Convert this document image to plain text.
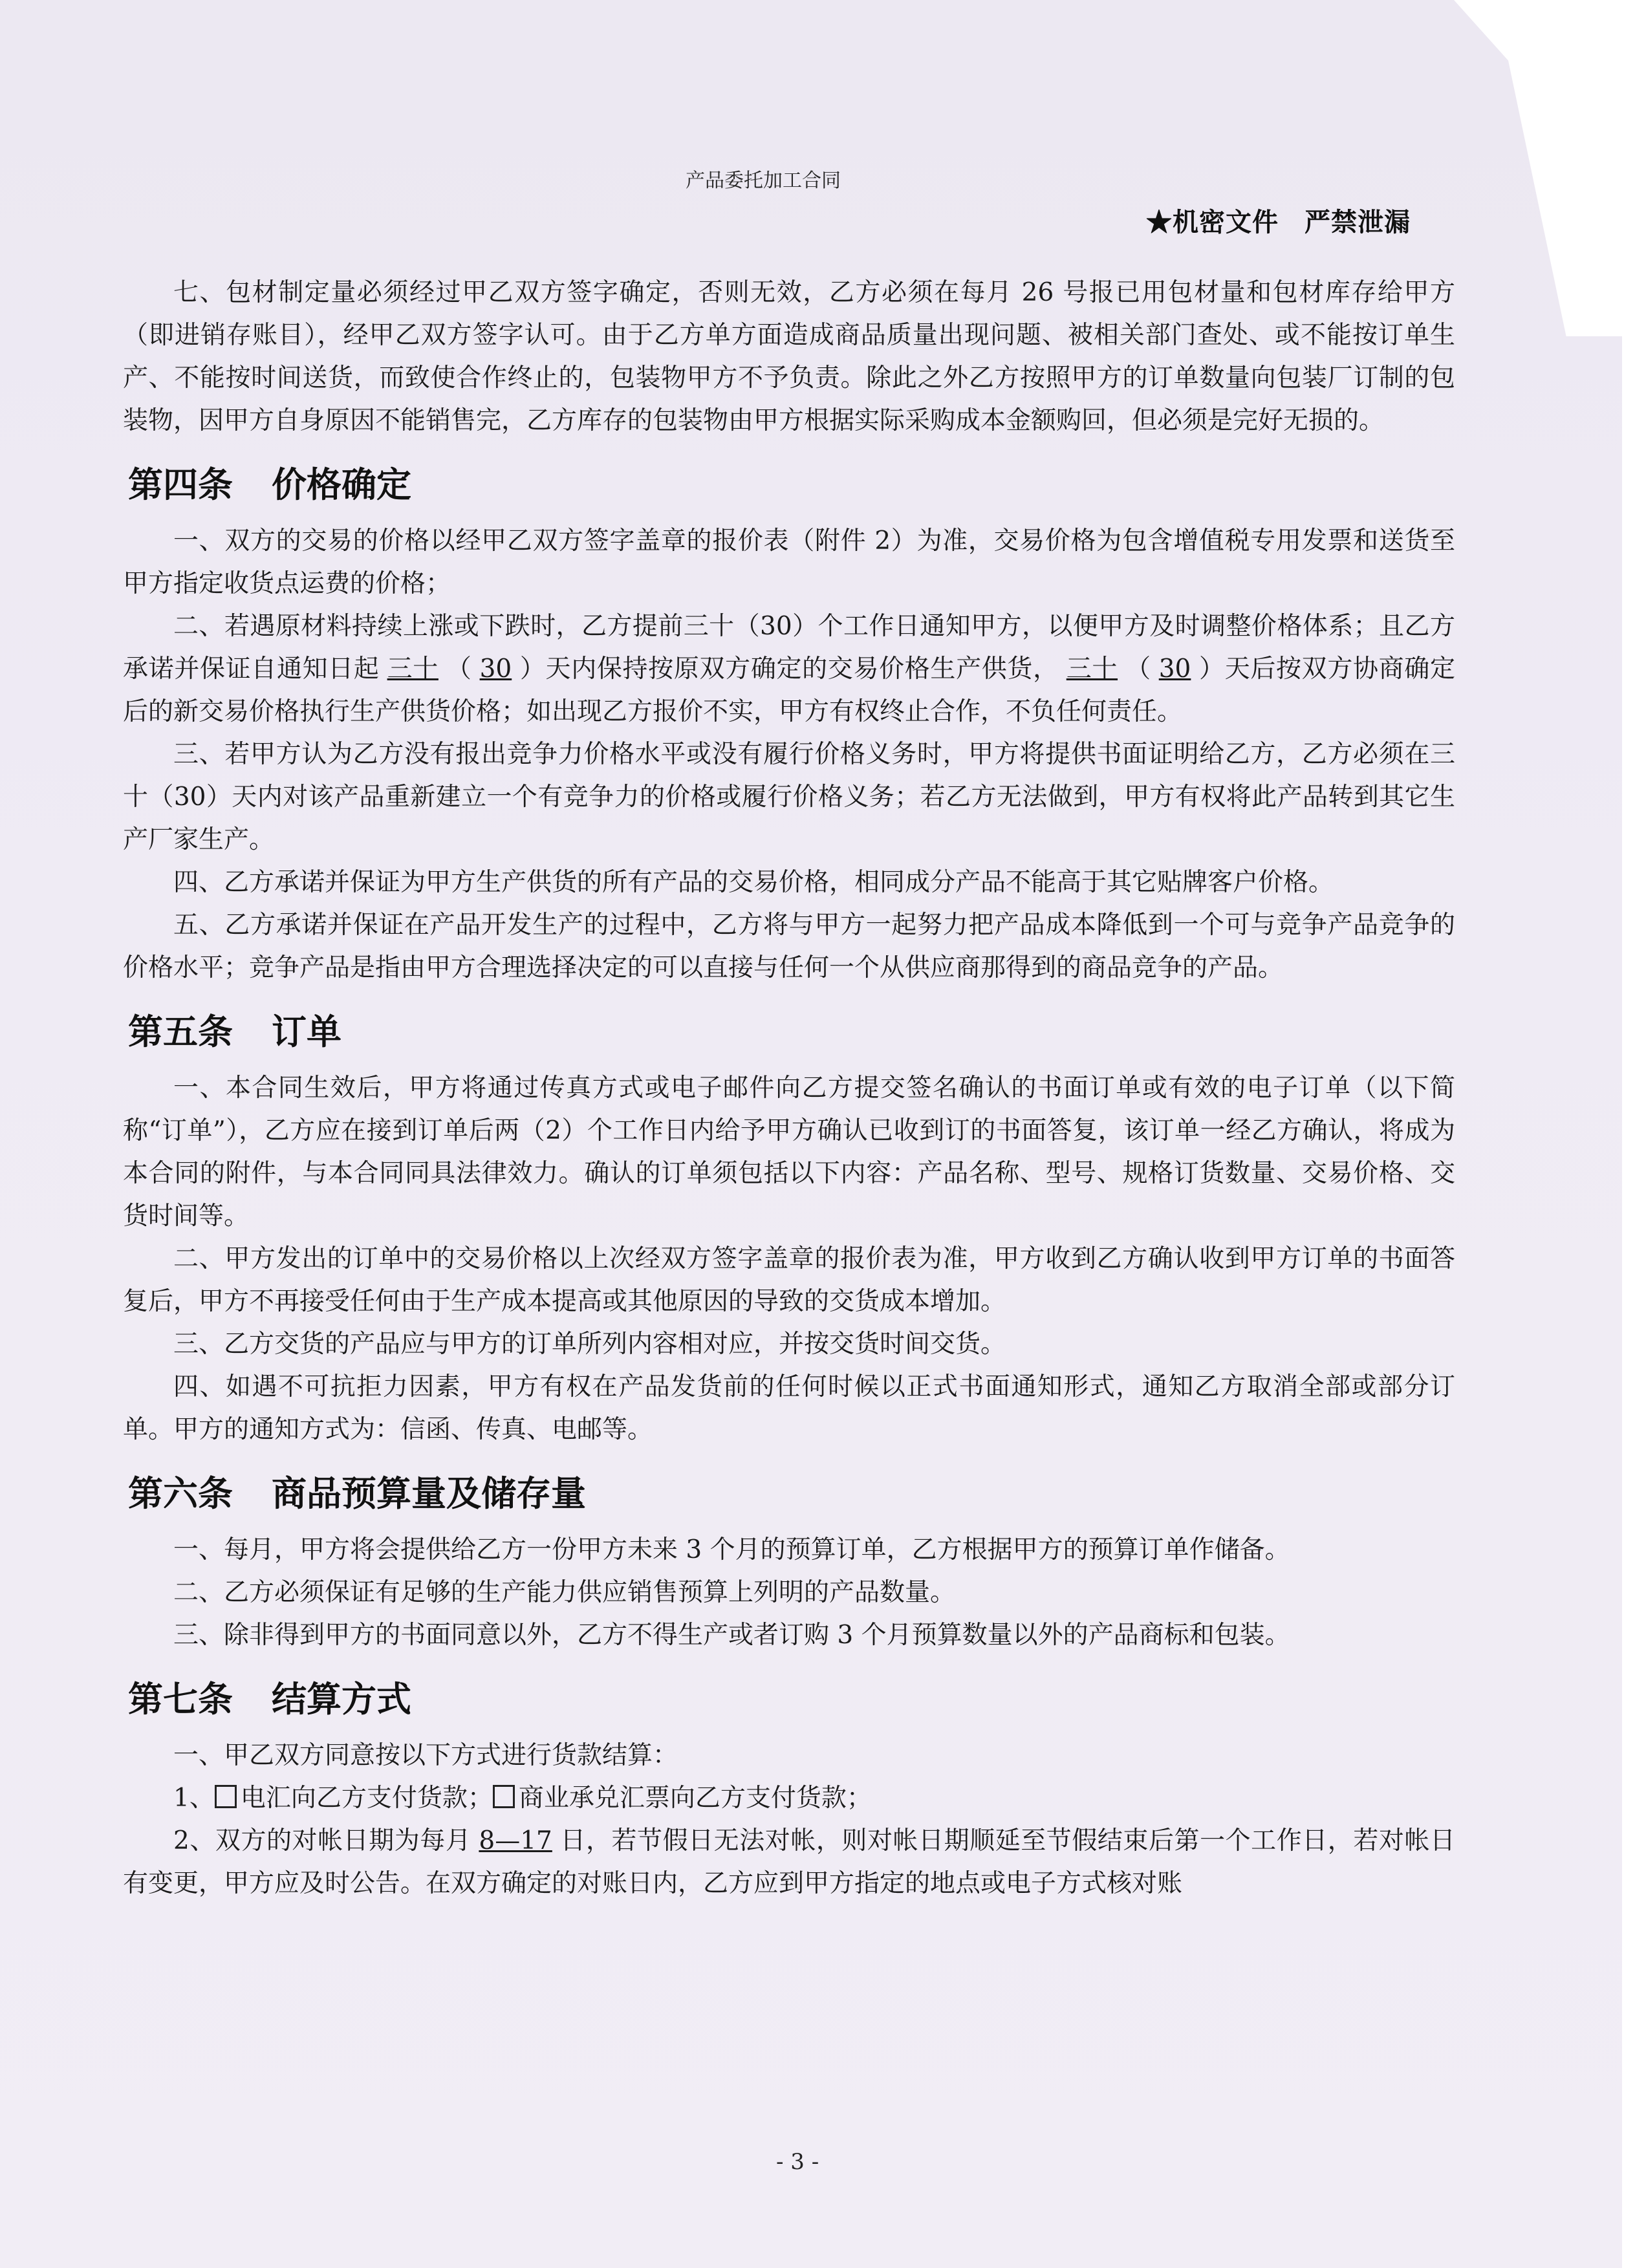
产品委托加工合同
★机密文件 严禁泄漏

七、包材制定量必须经过甲乙双方签字确定，否则无效，乙方必须在每月 26 号报已用包材量和包材库存给甲方（即进销存账目），经甲乙双方签字认可。由于乙方单方面造成商品质量出现问题、被相关部门查处、或不能按订单生产、不能按时间送货，而致使合作终止的，包装物甲方不予负责。除此之外乙方按照甲方的订单数量向包装厂订制的包装物，因甲方自身原因不能销售完，乙方库存的包装物由甲方根据实际采购成本金额购回，但必须是完好无损的。

第四条 价格确定

一、双方的交易的价格以经甲乙双方签字盖章的报价表（附件 2）为准，交易价格为包含增值税专用发票和送货至甲方指定收货点运费的价格；

二、若遇原材料持续上涨或下跌时，乙方提前三十（30）个工作日通知甲方，以便甲方及时调整价格体系；且乙方承诺并保证自通知日起 三十 （ 30 ）天内保持按原双方确定的交易价格生产供货， 三十 （ 30 ）天后按双方协商确定后的新交易价格执行生产供货价格；如出现乙方报价不实，甲方有权终止合作，不负任何责任。

三、若甲方认为乙方没有报出竞争力价格水平或没有履行价格义务时，甲方将提供书面证明给乙方，乙方必须在三十（30）天内对该产品重新建立一个有竞争力的价格或履行价格义务；若乙方无法做到，甲方有权将此产品转到其它生产厂家生产。

四、乙方承诺并保证为甲方生产供货的所有产品的交易价格，相同成分产品不能高于其它贴牌客户价格。

五、乙方承诺并保证在产品开发生产的过程中，乙方将与甲方一起努力把产品成本降低到一个可与竞争产品竞争的价格水平；竞争产品是指由甲方合理选择决定的可以直接与任何一个从供应商那得到的商品竞争的产品。

第五条 订单

一、本合同生效后，甲方将通过传真方式或电子邮件向乙方提交签名确认的书面订单或有效的电子订单（以下简称“订单”），乙方应在接到订单后两（2）个工作日内给予甲方确认已收到订的书面答复，该订单一经乙方确认，将成为本合同的附件，与本合同同具法律效力。确认的订单须包括以下内容：产品名称、型号、规格订货数量、交易价格、交货时间等。

二、甲方发出的订单中的交易价格以上次经双方签字盖章的报价表为准，甲方收到乙方确认收到甲方订单的书面答复后，甲方不再接受任何由于生产成本提高或其他原因的导致的交货成本增加。

三、乙方交货的产品应与甲方的订单所列内容相对应，并按交货时间交货。

四、如遇不可抗拒力因素，甲方有权在产品发货前的任何时候以正式书面通知形式，通知乙方取消全部或部分订单。甲方的通知方式为：信函、传真、电邮等。

第六条 商品预算量及储存量

一、每月，甲方将会提供给乙方一份甲方未来 3 个月的预算订单，乙方根据甲方的预算订单作储备。

二、乙方必须保证有足够的生产能力供应销售预算上列明的产品数量。

三、除非得到甲方的书面同意以外，乙方不得生产或者订购 3 个月预算数量以外的产品商标和包装。

第七条 结算方式

一、甲乙双方同意按以下方式进行货款结算：

1、 电汇向乙方支付货款； 商业承兑汇票向乙方支付货款；

2、双方的对帐日期为每月 8—17 日，若节假日无法对帐，则对帐日期顺延至节假结束后第一个工作日，若对帐日有变更，甲方应及时公告。在双方确定的对账日内，乙方应到甲方指定的地点或电子方式核对账

- 3 -
